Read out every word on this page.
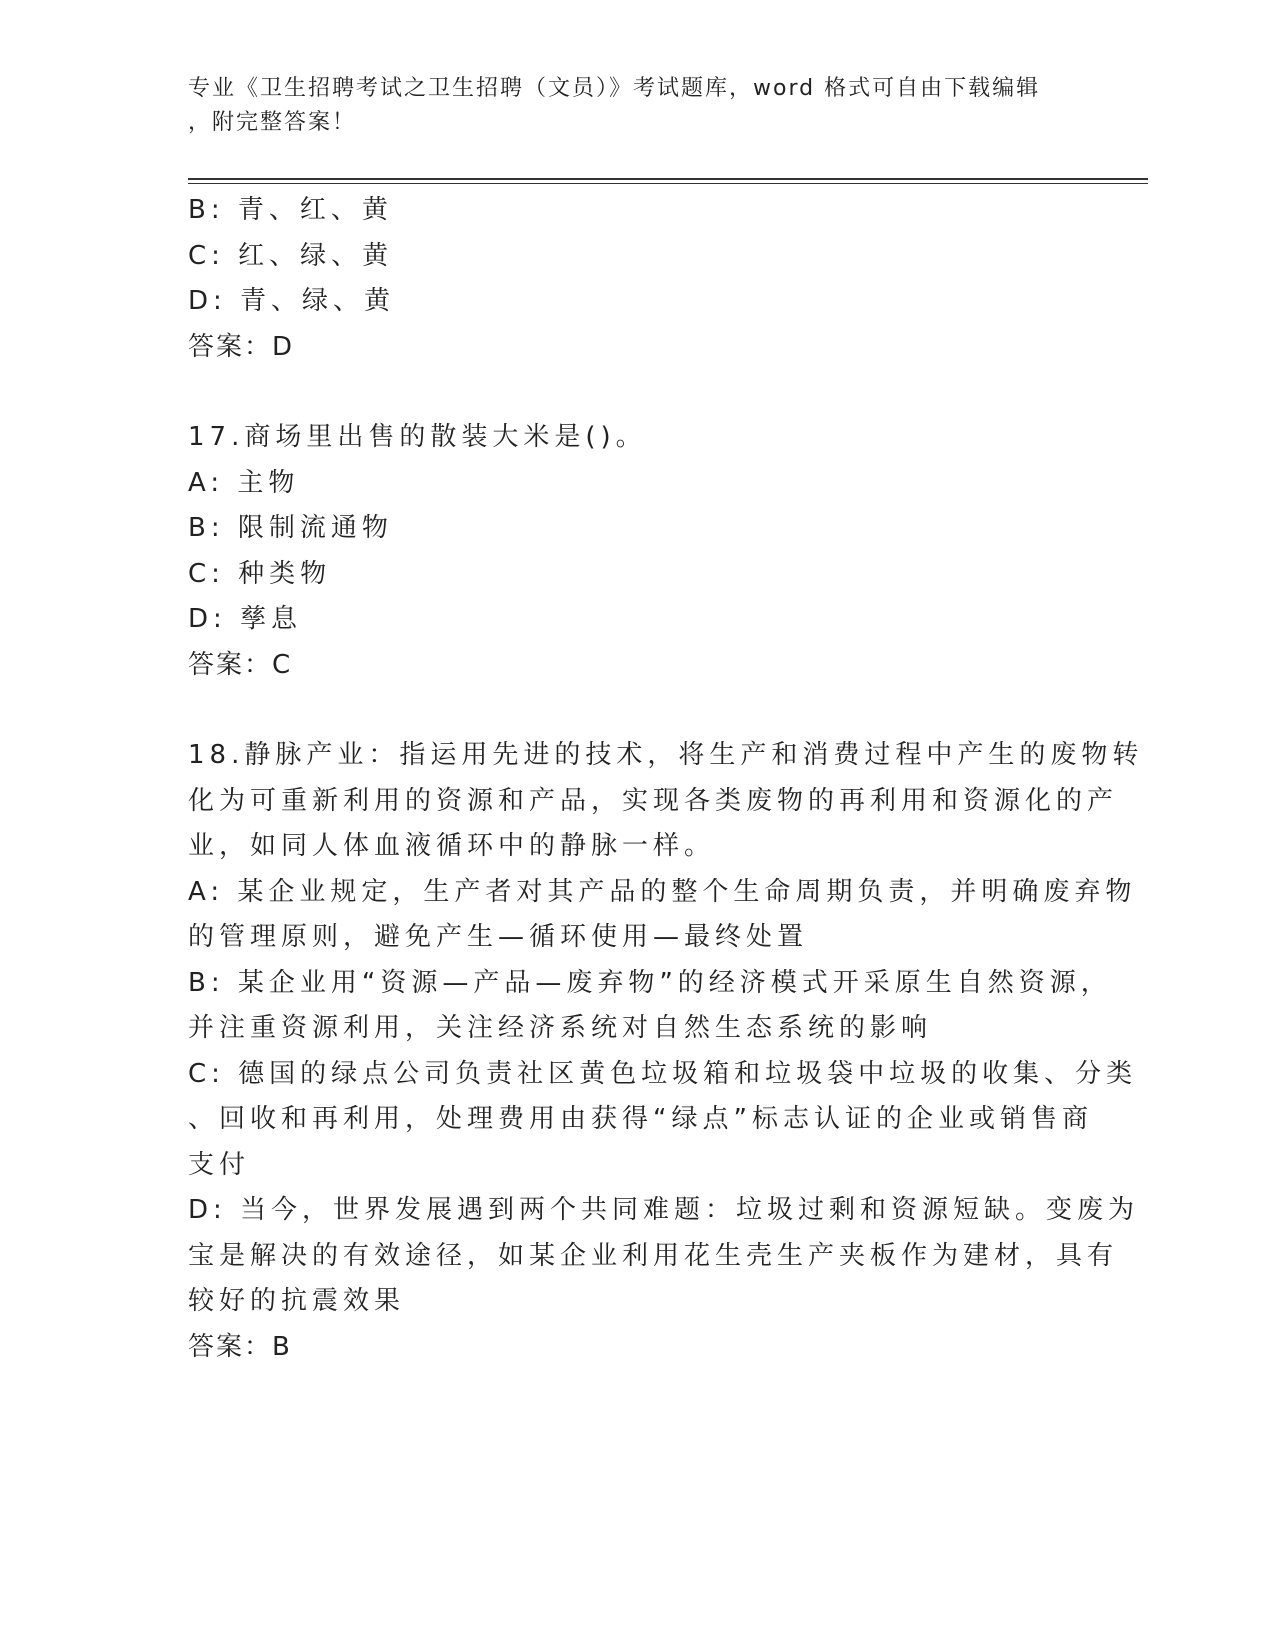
专业《卫生招聘考试之卫生招聘（文员）》考试题库，word 格式可自由下载编辑
，附完整答案！
B: 青、红、黄
C: 红、绿、黄
D: 青、绿、黄
答案：D
17.商场里出售的散装大米是()。
A: 主物
B: 限制流通物
C: 种类物
D: 孳息
答案：C
18.静脉产业：指运用先进的技术，将生产和消费过程中产生的废物转
化为可重新利用的资源和产品，实现各类废物的再利用和资源化的产
业，如同人体血液循环中的静脉一样。
A: 某企业规定，生产者对其产品的整个生命周期负责，并明确废弃物
的管理原则，避免产生—循环使用—最终处置
B: 某企业用“资源—产品—废弃物”的经济模式开采原生自然资源，
并注重资源利用，关注经济系统对自然生态系统的影响
C: 德国的绿点公司负责社区黄色垃圾箱和垃圾袋中垃圾的收集、分类
、回收和再利用，处理费用由获得“绿点”标志认证的企业或销售商
支付
D: 当今，世界发展遇到两个共同难题：垃圾过剩和资源短缺。变废为
宝是解决的有效途径，如某企业利用花生壳生产夹板作为建材，具有
较好的抗震效果
答案：B
